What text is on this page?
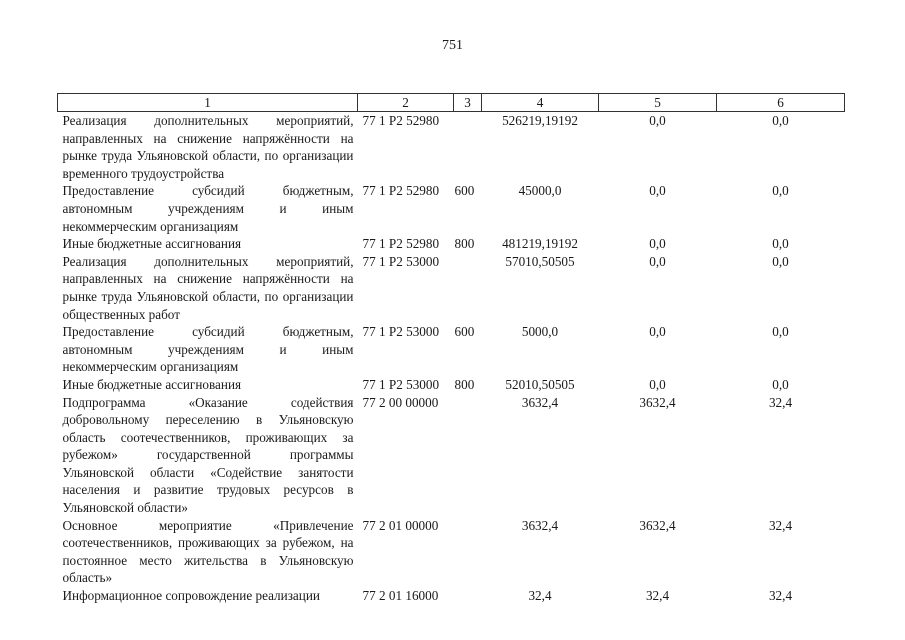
751
1	2	3	4	5	6
Реализация дополнительных мероприятий, направленных на снижение напряжённости на рынке труда Ульяновской области, по организации временного трудоустройства	77 1 Р2 52980		526219,19192	0,0	0,0
Предоставление субсидий бюджетным, автономным учреждениям и иным некоммерческим организациям	77 1 Р2 52980	600	45000,0	0,0	0,0
Иные бюджетные ассигнования	77 1 Р2 52980	800	481219,19192	0,0	0,0
Реализация дополнительных мероприятий, направленных на снижение напряжённости на рынке труда Ульяновской области, по организации общественных работ	77 1 Р2 53000		57010,50505	0,0	0,0
Предоставление субсидий бюджетным, автономным учреждениям и иным некоммерческим организациям	77 1 Р2 53000	600	5000,0	0,0	0,0
Иные бюджетные ассигнования	77 1 Р2 53000	800	52010,50505	0,0	0,0
Подпрограмма «Оказание содействия добровольному переселению в Ульяновскую область соотечественников, проживающих за рубежом» государственной программы Ульяновской области «Содействие занятости населения и развитие трудовых ресурсов в Ульяновской области»	77 2 00 00000		3632,4	3632,4	32,4
Основное мероприятие «Привлечение соотечественников, проживающих за рубежом, на постоянное место жительства в Ульяновскую область»	77 2 01 00000		3632,4	3632,4	32,4
Информационное сопровождение реализации	77 2 01 16000		32,4	32,4	32,4
